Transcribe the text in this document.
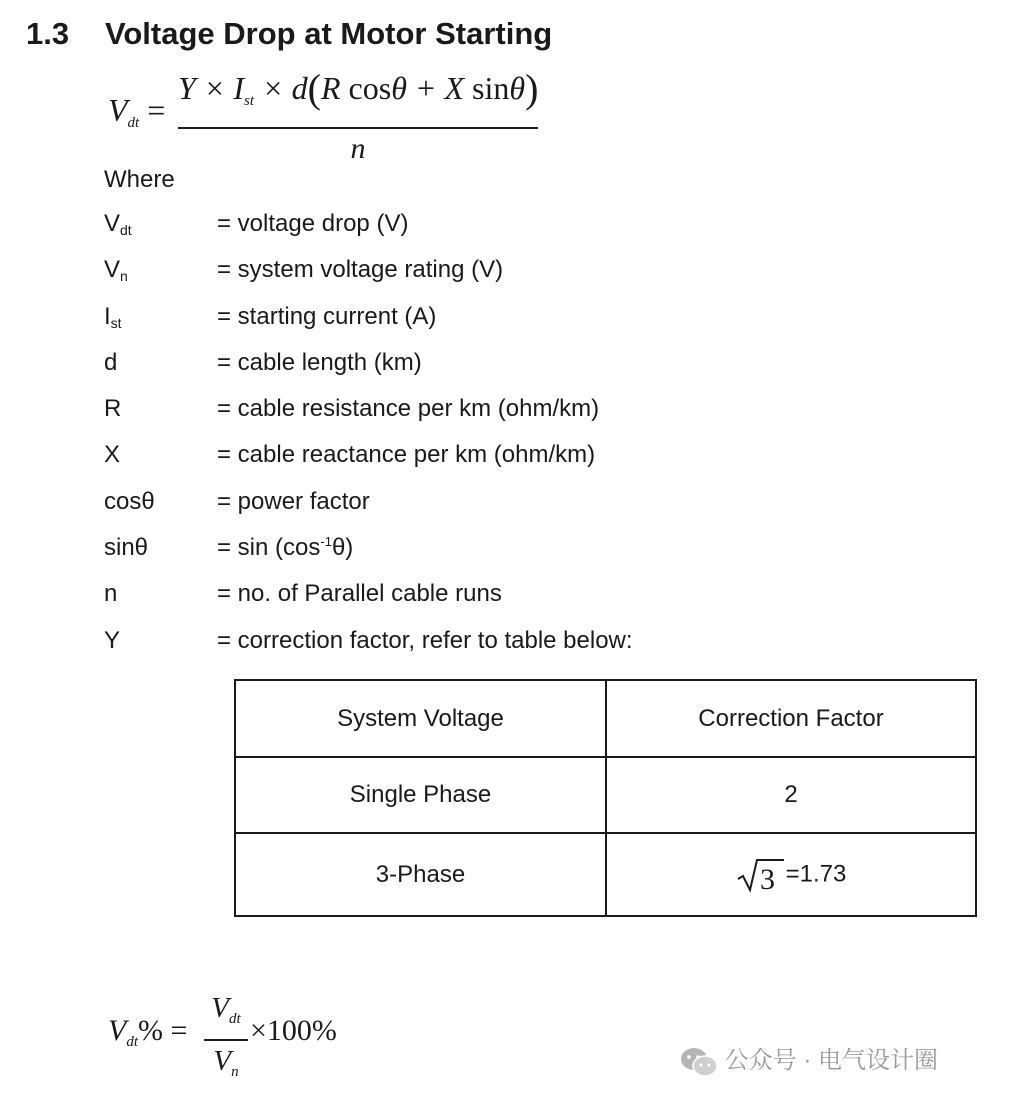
1.3 Voltage Drop at Motor Starting
$V_{dt}$ =
$Y \times I_{st} \times d(R$ cosθ + X sinθ)
n
Where
$V_{dt}$	= voltage drop (V)
$V_n$	= system voltage rating (V)
$I_{st}$	= starting current (A)
d	= cable length (km)
R	= cable resistance per km (ohm/km)
X	= cable reactance per km (ohm/km)
cosθ	= power factor
sinθ	= $\sin (\cos^{-1}\theta)$
n	= no. of Parallel cable runs
Y	= correction factor, refer to table below:
System Voltage	Correction Factor
Single Phase	2
3-Phase	3 =1.73
$V_{dt}\%$ =
$V_{dt}$
$V_n$
×100%
公众号 · 电气设计圈
